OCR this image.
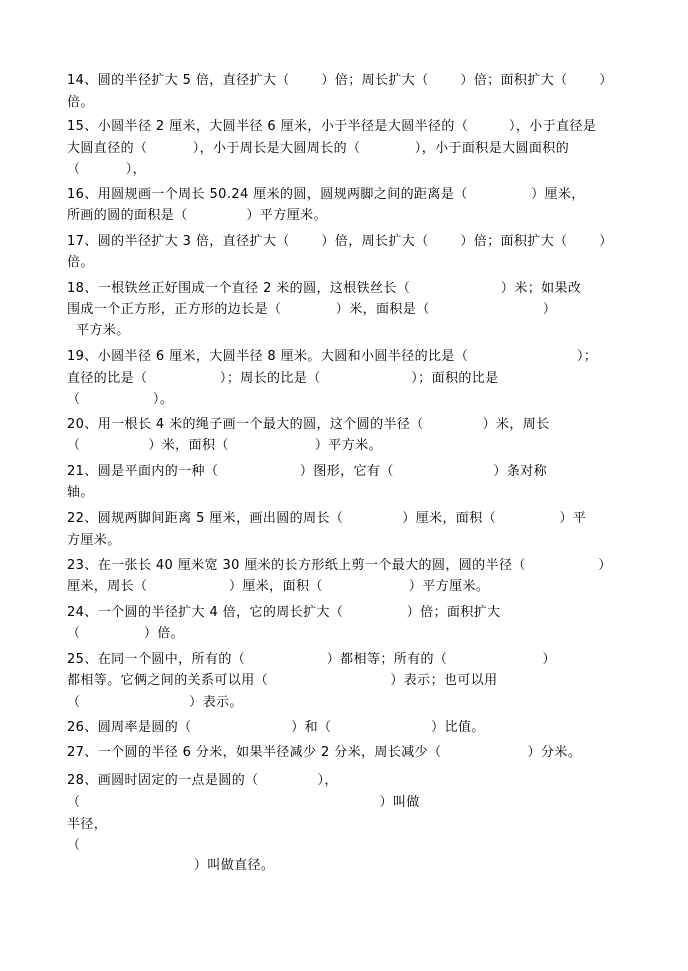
14、圆的半径扩大 5 倍，直径扩大（       ）倍；周长扩大（       ）倍；面积扩大（       ）

倍。

15、小圆半径 2 厘米，大圆半径 6 厘米，小于半径是大圆半径的（         ），小于直径是

大圆直径的（          ），小于周长是大圆周长的（            ），小于面积是大圆面积的

（          ），

16、用圆规画一个周长 50.24 厘米的圆，圆规两脚之间的距离是（              ）厘米，

所画的圆的面积是（             ）平方厘米。

17、圆的半径扩大 3 倍，直径扩大（       ）倍，周长扩大（       ）倍；面积扩大（       ）

倍。

18、一根铁丝正好围成一个直径 2 米的圆，这根铁丝长（                    ）米；如果改

围成一个正方形，正方形的边长是（            ）米，面积是（                         ）

平方米。

19、小圆半径 6 厘米，大圆半径 8 厘米。大圆和小圆半径的比是（                        ）；

直径的比是（                ）；周长的比是（                    ）；面积的比是

（                ）。

20、用一根长 4 米的绳子画一个最大的圆，这个圆的半径（             ）米，周长

（               ）米，面积（                   ）平方米。

21、圆是平面内的一种（                  ）图形，它有（                      ）条对称

轴。

22、圆规两脚间距离 5 厘米，画出圆的周长（             ）厘米，面积（              ）平

方厘米。

23、在一张长 40 厘米宽 30 厘米的长方形纸上剪一个最大的圆，圆的半径（                ）

厘米，周长（                  ）厘米，面积（                   ）平方厘米。

24、一个圆的半径扩大 4 倍，它的周长扩大（              ）倍；面积扩大

（              ）倍。

25、在同一个圆中，所有的（                  ）都相等；所有的（                     ）

都相等。它俩之间的关系可以用（                           ）表示；也可以用

（                        ）表示。

26、圆周率是圆的（                      ）和（                      ）比值。

27、一个圆的半径 6 分米，如果半径减少 2 分米，周长减少（                   ）分米。

28、画圆时固定的一点是圆的（             ），

（                                                                  ）叫做

半径，

（

）叫做直径。
